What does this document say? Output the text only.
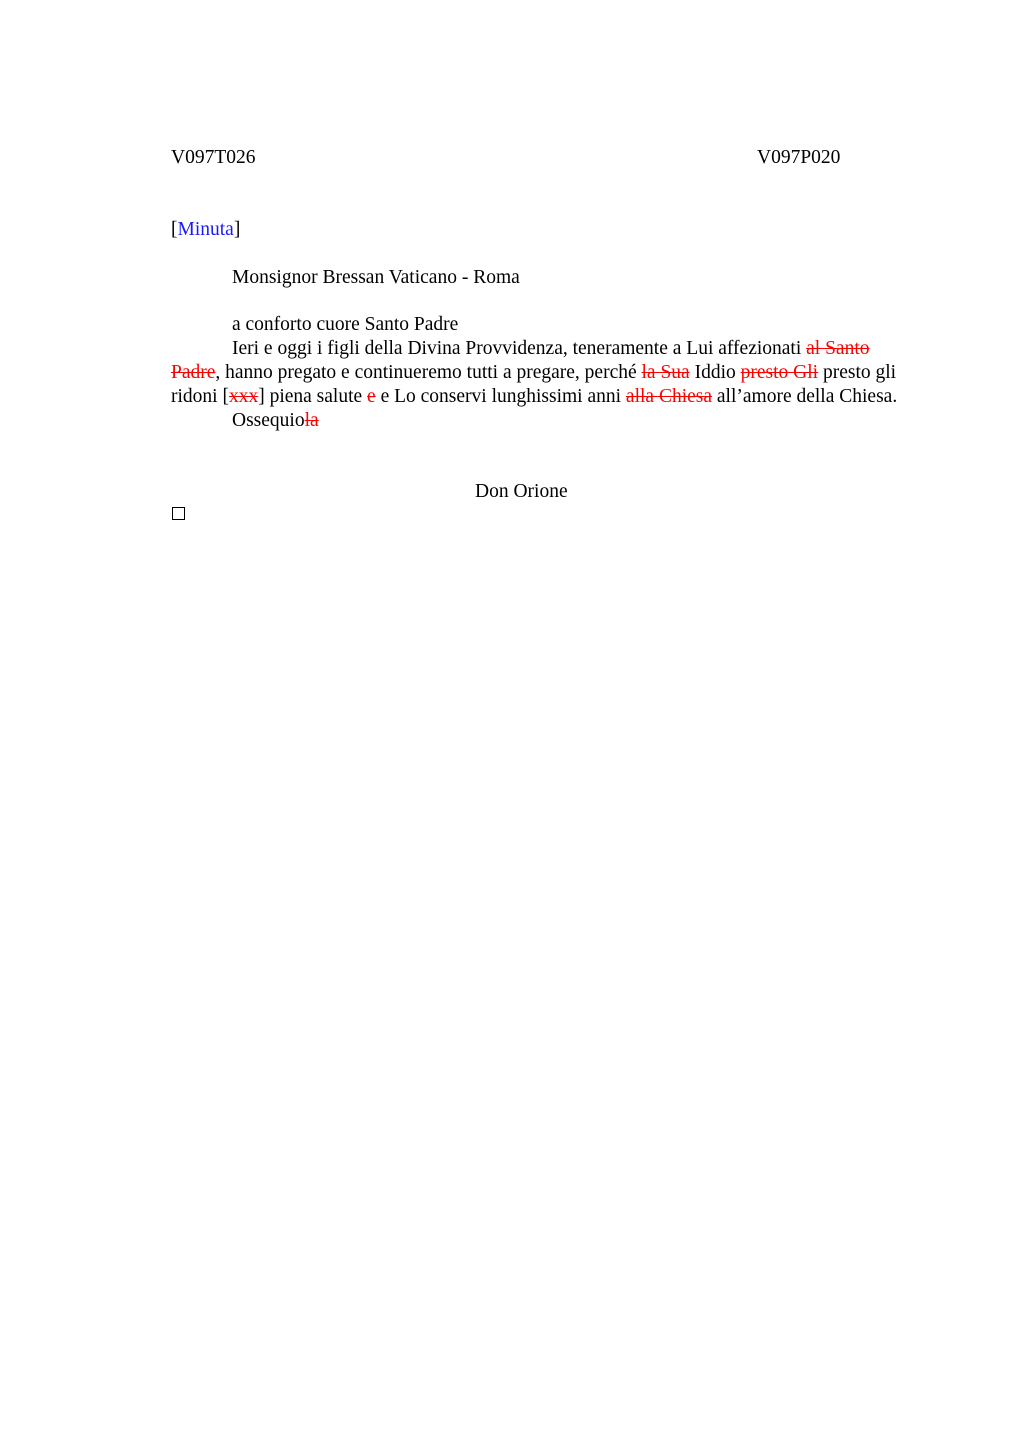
V097T026	V097P020
[Minuta]
Monsignor Bressan Vaticano - Roma

a conforto cuore Santo Padre

Ieri e oggi i figli della Divina Provvidenza, teneramente a Lui affezionati al Santo Padre, hanno pregato e continueremo tutti a pregare, perché la Sua Iddio presto Gli presto gli ridoni [xxx] piena salute e e Lo conservi lunghissimi anni alla Chiesa all’amore della Chiesa.

Ossequiola

Don Orione
